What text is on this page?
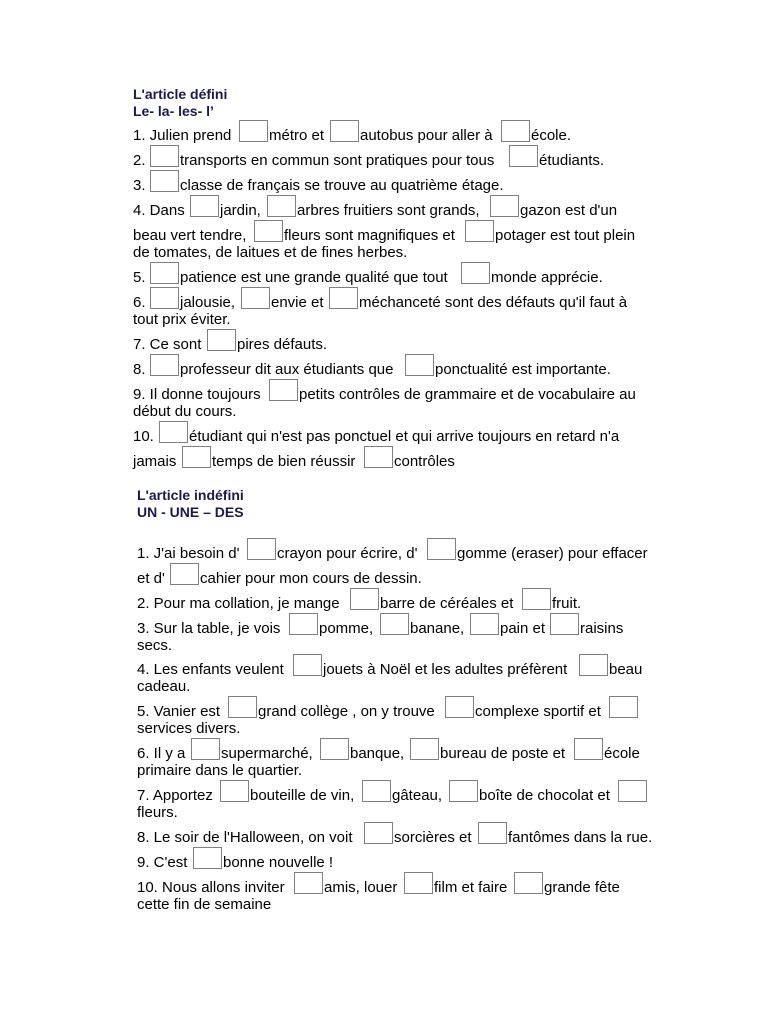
L'article défini
Le- la- les- l’
1. Julien prend	métro et autobus pour aller à	école.
2. transports en commun sont pratiques pour tous	étudiants.
3. classe de français se trouve au quatrième étage.
4. Dans jardin, arbres fruitiers sont grands,	gazon est d'un
beau vert tendre,	fleurs sont magnifiques et	potager est tout plein
de tomates, de laitues et de fines herbes.
5. patience est une grande qualité que tout	monde apprécie.
6. jalousie, envie et méchanceté sont des défauts qu'il faut à
tout prix éviter.
7. Ce sont pires défauts.
8. professeur dit aux étudiants que	ponctualité est importante.
9. Il donne toujours	petits contrôles de grammaire et de vocabulaire au
début du cours.
10. étudiant qui n'est pas ponctuel et qui arrive toujours en retard n'a
jamais temps de bien réussir	contrôles
L'article indéfini
UN - UNE – DES
1. J'ai besoin d'	crayon pour écrire, d'	gomme (eraser) pour effacer
et d' cahier pour mon cours de dessin.
2. Pour ma collation, je mange	barre de céréales et	fruit.
3. Sur la table, je vois	pomme, banane, pain et raisins
secs.
4. Les enfants veulent	jouets à Noël et les adultes préfèrent	beau
cadeau.
5. Vanier est	grand collège , on y trouve	complexe sportif et
services divers.
6. Il y a supermarché, banque, bureau de poste et	école
primaire dans le quartier.
7. Apportez bouteille de vin,	gâteau, boîte de chocolat et
fleurs.
8. Le soir de l'Halloween, on voit	sorcières et fantômes dans la rue.
9. C'est bonne nouvelle !
10. Nous allons inviter	amis, louer film et faire grande fête
cette fin de semaine
